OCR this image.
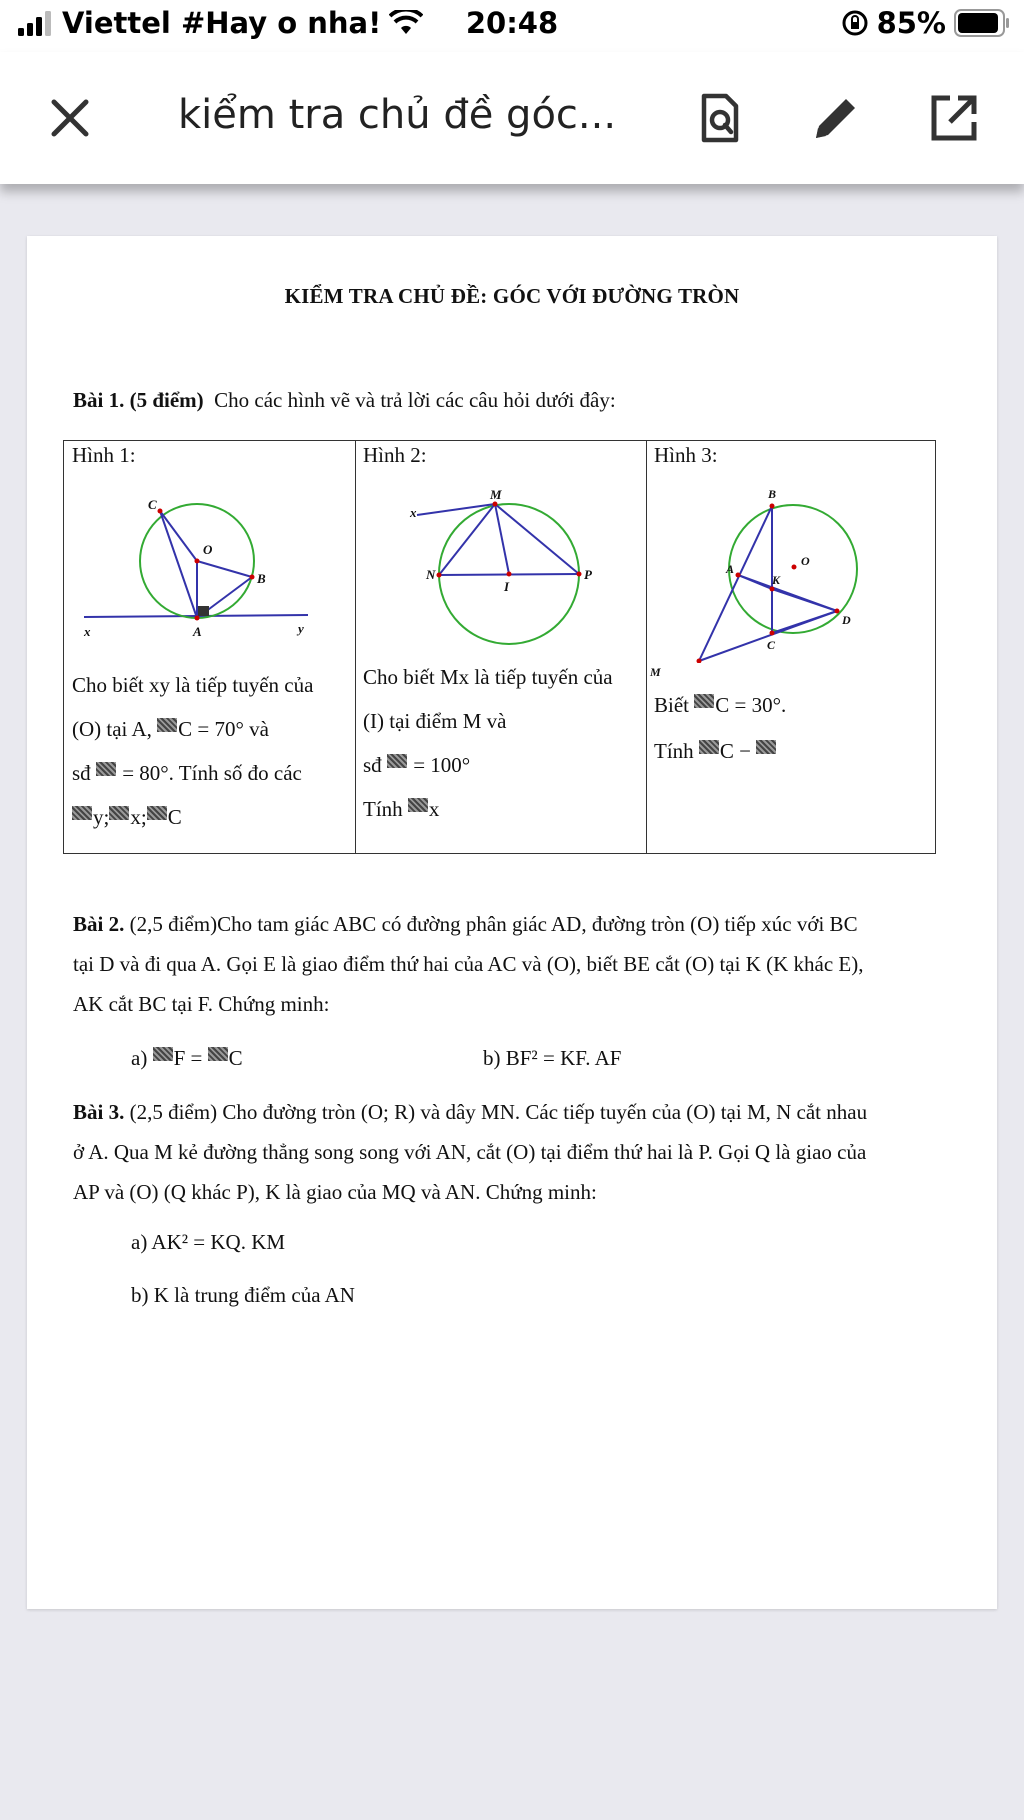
Viettel #Hay o nha!	20:48	85%
kiểm tra chủ đề góc...
KIỂM TRA CHỦ ĐỀ: GÓC VỚI ĐƯỜNG TRÒN
Bài 1. (5 điểm) Cho các hình vẽ và trả lời các câu hỏi dưới đây:
Hình 1:
C
O
B
A
x	y
Cho biết xy là tiếp tuyến của
(O) tại A, C = 70° và
sđ  = 80°. Tính số đo các
y; x; C
Hình 2:
M
x
N
I
P
Cho biết Mx là tiếp tuyến của
(I) tại điểm M và
sđ  = 100°
Tính x
Hình 3:
B
O
A
K
D
C
M
Biết C = 30°.
Tính C −
Bài 2. (2,5 điểm)Cho tam giác ABC có đường phân giác AD, đường tròn (O) tiếp xúc với BC
tại D và đi qua A. Gọi E là giao điểm thứ hai của AC và (O), biết BE cắt (O) tại K (K khác E),
AK cắt BC tại F. Chứng minh:
a) F = C	b) BF² = KF. AF
Bài 3. (2,5 điểm) Cho đường tròn (O; R) và dây MN. Các tiếp tuyến của (O) tại M, N cắt nhau
ở A. Qua M kẻ đường thẳng song song với AN, cắt (O) tại điểm thứ hai là P. Gọi Q là giao của
AP và (O) (Q khác P), K là giao của MQ và AN. Chứng minh:
a) AK² = KQ. KM
b) K là trung điểm của AN
